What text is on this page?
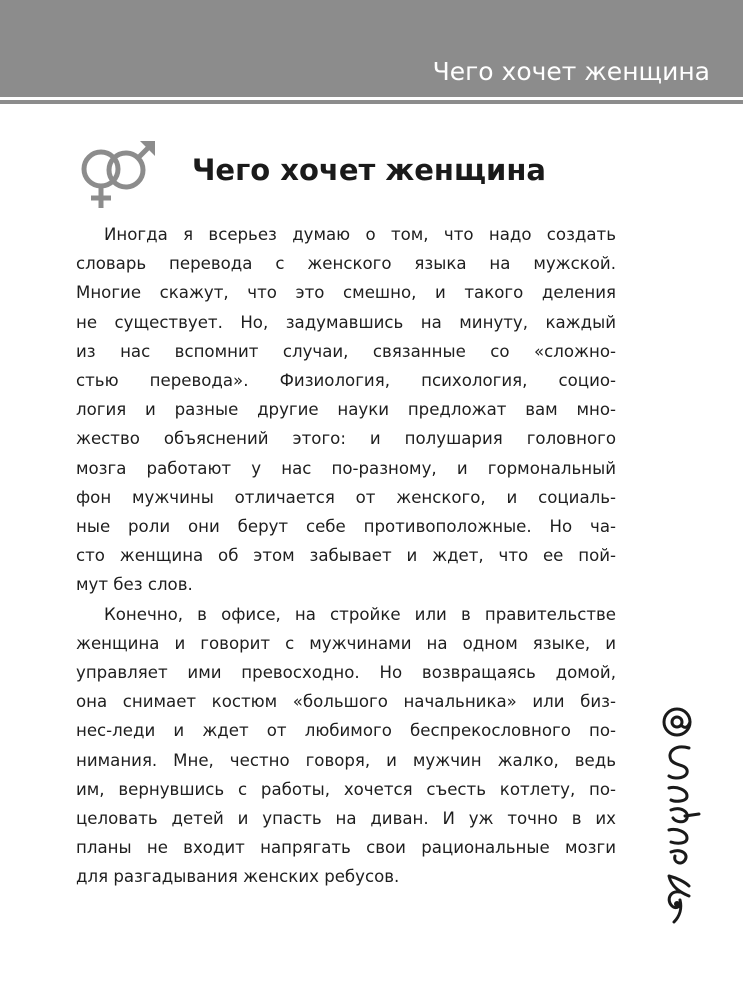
Чего хочет женщина
Чего хочет женщина
Иногда я всерьез думаю о том, что надо создать
словарь перевода с женского языка на мужской.
Многие скажут, что это смешно, и такого деления
не существует. Но, задумавшись на минуту, каждый
из нас вспомнит случаи, связанные со «сложно-
стью перевода». Физиология, психология, социо-
логия и разные другие науки предложат вам мно-
жество объяснений этого: и полушария головного
мозга работают у нас по-разному, и гормональный
фон мужчины отличается от женского, и социаль-
ные роли они берут себе противоположные. Но ча-
сто женщина об этом забывает и ждет, что ее пой-
мут без слов.
Конечно, в офисе, на стройке или в правительстве
женщина и говорит с мужчинами на одном языке, и
управляет ими превосходно. Но возвращаясь домой,
она снимает костюм «большого начальника» или биз-
нес-леди и ждет от любимого беспрекословного по-
нимания. Мне, честно говоря, и мужчин жалко, ведь
им, вернувшись с работы, хочется съесть котлету, по-
целовать детей и упасть на диван. И уж точно в их
планы не входит напрягать свои рациональные мозги
для разгадывания женских ребусов.
